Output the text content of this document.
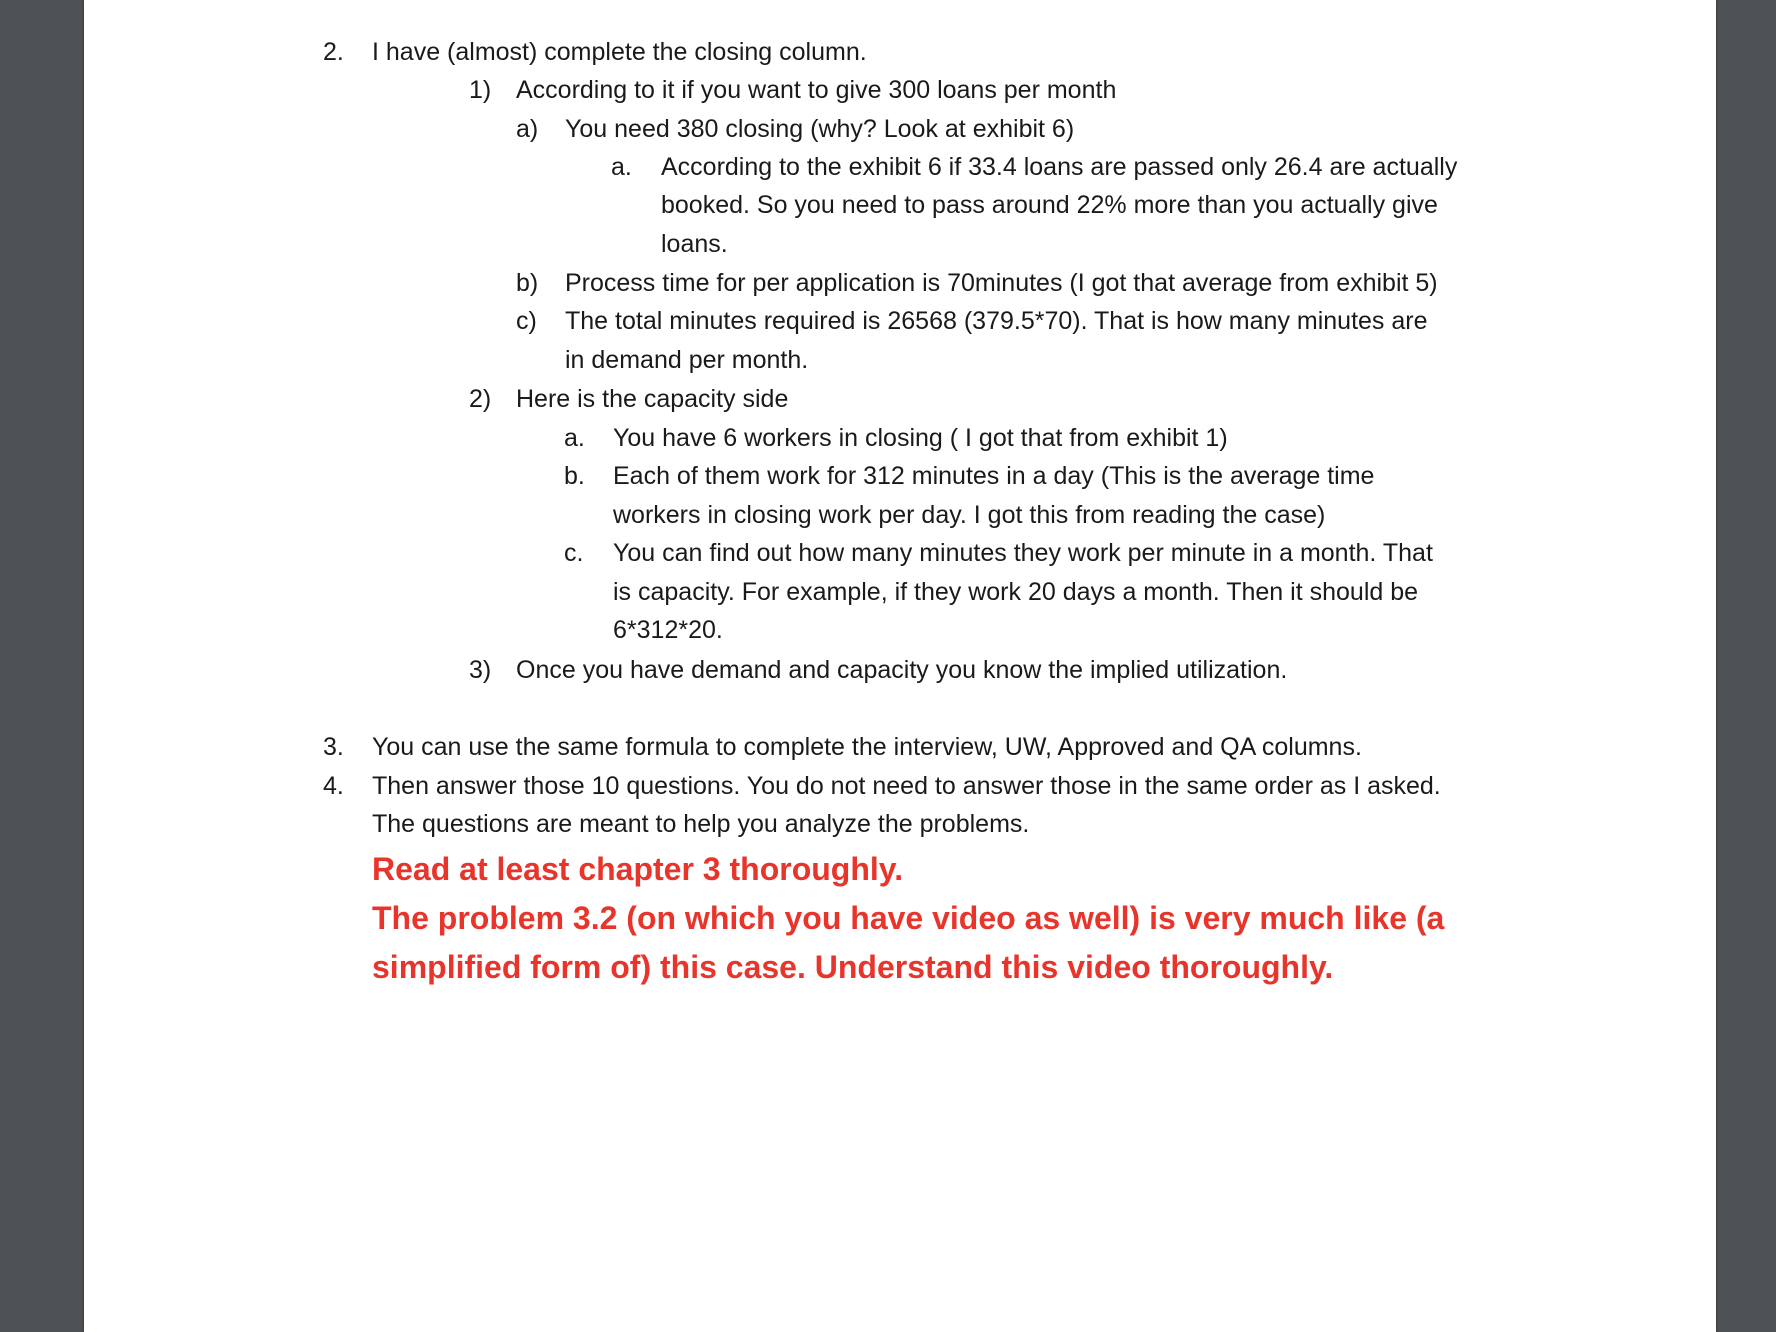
2. I have (almost) complete the closing column.
1) According to it if you want to give 300 loans per month
a) You need 380 closing (why? Look at exhibit 6)
a. According to the exhibit 6 if 33.4 loans are passed only 26.4 are actually
booked. So you need to pass around 22% more than you actually give
loans.
b) Process time for per application is 70minutes (I got that average from exhibit 5)
c) The total minutes required is 26568 (379.5*70). That is how many minutes are
in demand per month.
2) Here is the capacity side
a. You have 6 workers in closing ( I got that from exhibit 1)
b. Each of them work for 312 minutes in a day (This is the average time
workers in closing work per day. I got this from reading the case)
c. You can find out how many minutes they work per minute in a month. That
is capacity. For example, if they work 20 days a month. Then it should be
6*312*20.
3) Once you have demand and capacity you know the implied utilization.
3. You can use the same formula to complete the interview, UW, Approved and QA columns.
4. Then answer those 10 questions. You do not need to answer those in the same order as I asked.
The questions are meant to help you analyze the problems.
Read at least chapter 3 thoroughly.
The problem 3.2 (on which you have video as well) is very much like (a
simplified form of) this case. Understand this video thoroughly.
